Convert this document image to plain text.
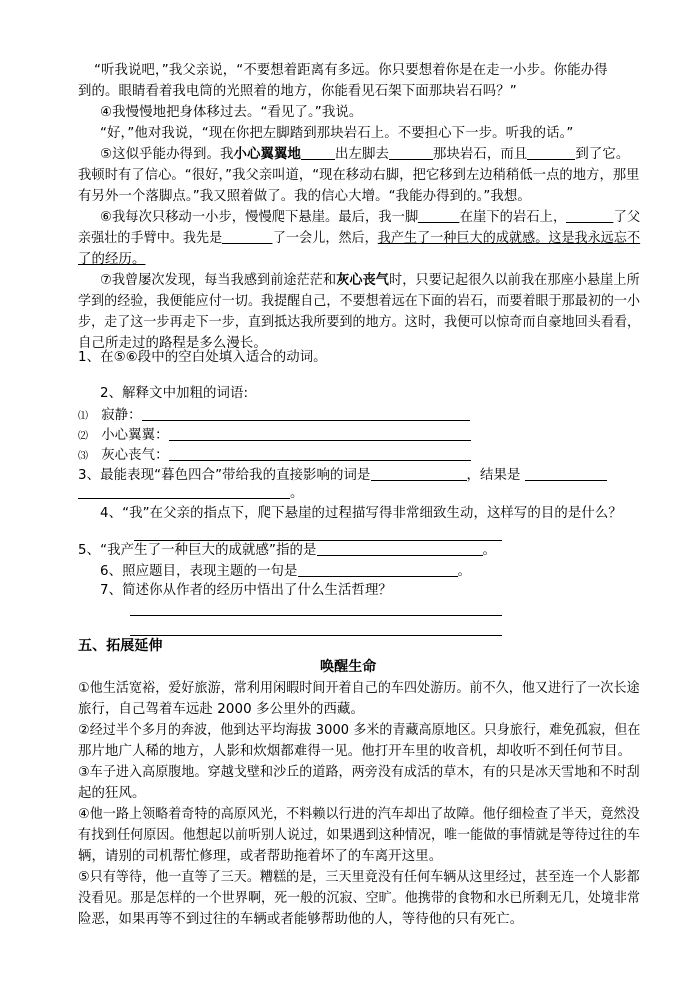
“听我说吧，”我父亲说，“不要想着距离有多远。你只要想着你是在走一小步。你能办得
到的。眼睛看着我电筒的光照着的地方，你能看见石架下面那块岩石吗？”
④我慢慢地把身体移过去。“看见了。”我说。
“好，”他对我说，“现在你把左脚踏到那块岩石上。不要担心下一步。听我的话。”
⑤这似乎能办得到。我小心翼翼地	出左脚去	那块岩石，而且	到了它。
我顿时有了信心。“很好，”我父亲叫道，“现在移动右脚，把它移到左边稍稍低一点的地方，那里
有另外一个落脚点。”我又照着做了。我的信心大增。“我能办得到的。”我想。
⑥我每次只移动一小步，慢慢爬下悬崖。最后，我一脚	在崖下的岩石上，	了父
亲强壮的手臂中。我先是	了一会儿，然后，我产生了一种巨大的成就感。这是我永远忘不
了的经历。
⑦我曾屡次发现，每当我感到前途茫茫和灰心丧气时，只要记起很久以前我在那座小悬崖上所
学到的经验，我便能应付一切。我提醒自己，不要想着远在下面的岩石，而要着眼于那最初的一小
步，走了这一步再走下一步，直到抵达我所要到的地方。这时，我便可以惊奇而自豪地回头看看，
自己所走过的路程是多么漫长。
1、在⑤⑥段中的空白处填入适合的动词。
2、解释文中加粗的词语:
⑴ 寂静：
⑵ 小心翼翼：
⑶ 灰心丧气：
3、最能表现“暮色四合”带给我的直接影响的词是	，结果是
。
4、“我”在父亲的指点下，爬下悬崖的过程描写得非常细致生动，这样写的目的是什么？
5、“我产生了一种巨大的成就感”指的是	。
6、照应题目，表现主题的一句是	。
7、简述你从作者的经历中悟出了什么生活哲理？
五、拓展延伸
唤醒生命
①他生活宽裕，爱好旅游，常利用闲暇时间开着自己的车四处游历。前不久，他又进行了一次长途
旅行，自己驾着车远赴 2000 多公里外的西藏。
②经过半个多月的奔波，他到达平均海拔 3000 多米的青藏高原地区。只身旅行，难免孤寂，但在
那片地广人稀的地方，人影和炊烟都难得一见。他打开车里的收音机，却收听不到任何节目。
③车子进入高原腹地。穿越戈壁和沙丘的道路，两旁没有成活的草木，有的只是冰天雪地和不时刮
起的狂风。
④他一路上领略着奇特的高原风光，不料赖以行进的汽车却出了故障。他仔细检查了半天，竟然没
有找到任何原因。他想起以前听别人说过，如果遇到这种情况，唯一能做的事情就是等待过往的车
辆，请别的司机帮忙修理，或者帮助拖着坏了的车离开这里。
⑤只有等待，他一直等了三天。糟糕的是，三天里竟没有任何车辆从这里经过，甚至连一个人影都
没看见。那是怎样的一个世界啊，死一般的沉寂、空旷。他携带的食物和水已所剩无几，处境非常
险恶，如果再等不到过往的车辆或者能够帮助他的人，等待他的只有死亡。
